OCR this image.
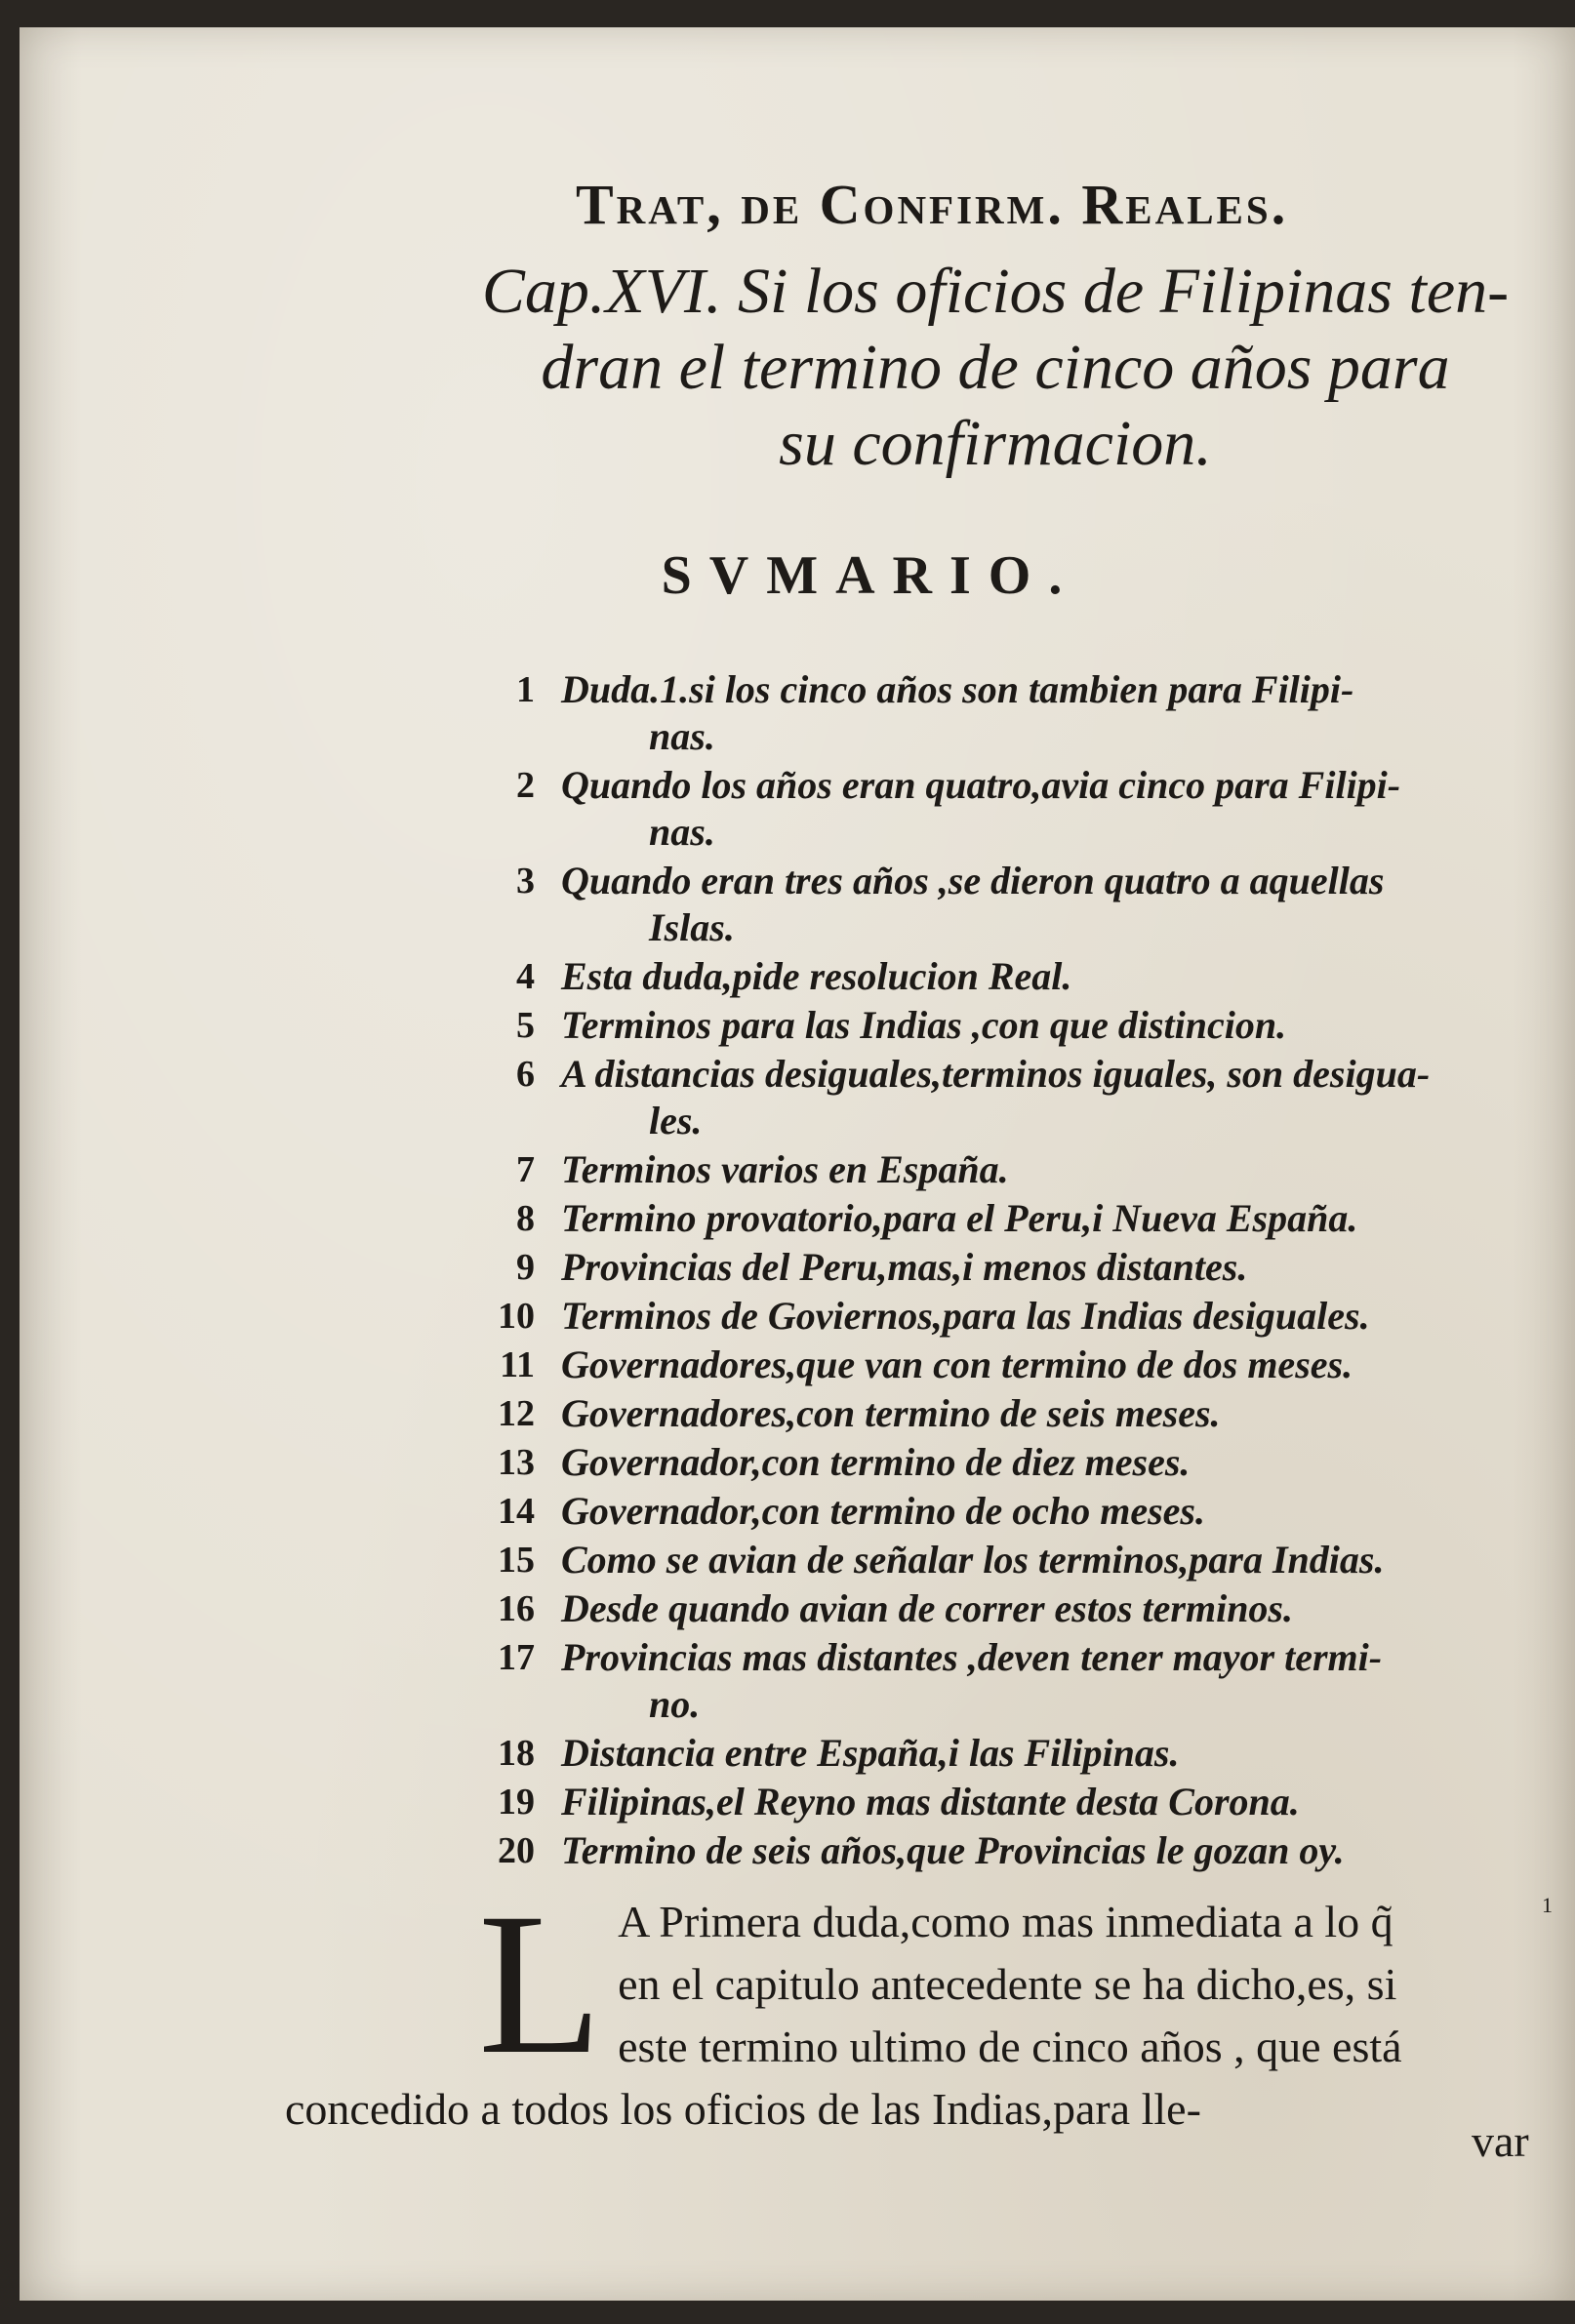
Trat, de Confirm. Reales.
Cap.XVI. Si los oficios de Filipinas ten-
dran el termino de cinco años para
su confirmacion.
SVMARIO.
1 Duda.1.si los cinco años son tambien para Filipi-
nas.
2 Quando los años eran quatro,avia cinco para Filipi-
nas.
3 Quando eran tres años ,se dieron quatro a aquellas
Islas.
4 Esta duda,pide resolucion Real.
5 Terminos para las Indias ,con que distincion.
6 A distancias desiguales,terminos iguales, son desigua-
les.
7 Terminos varios en España.
8 Termino provatorio,para el Peru,i Nueva España.
9 Provincias del Peru,mas,i menos distantes.
10 Terminos de Goviernos,para las Indias desiguales.
11 Governadores,que van con termino de dos meses.
12 Governadores,con termino de seis meses.
13 Governador,con termino de diez meses.
14 Governador,con termino de ocho meses.
15 Como se avian de señalar los terminos,para Indias.
16 Desde quando avian de correr estos terminos.
17 Provincias mas distantes ,deven tener mayor termi-
no.
18 Distancia entre España,i las Filipinas.
19 Filipinas,el Reyno mas distante desta Corona.
20 Termino de seis años,que Provincias le gozan oy.
L A Primera duda,como mas inmediata a lo q̃
en el capitulo antecedente se ha dicho,es, si
este termino ultimo de cinco años , que está
concedido a todos los oficios de las Indias,para lle-
var
1
